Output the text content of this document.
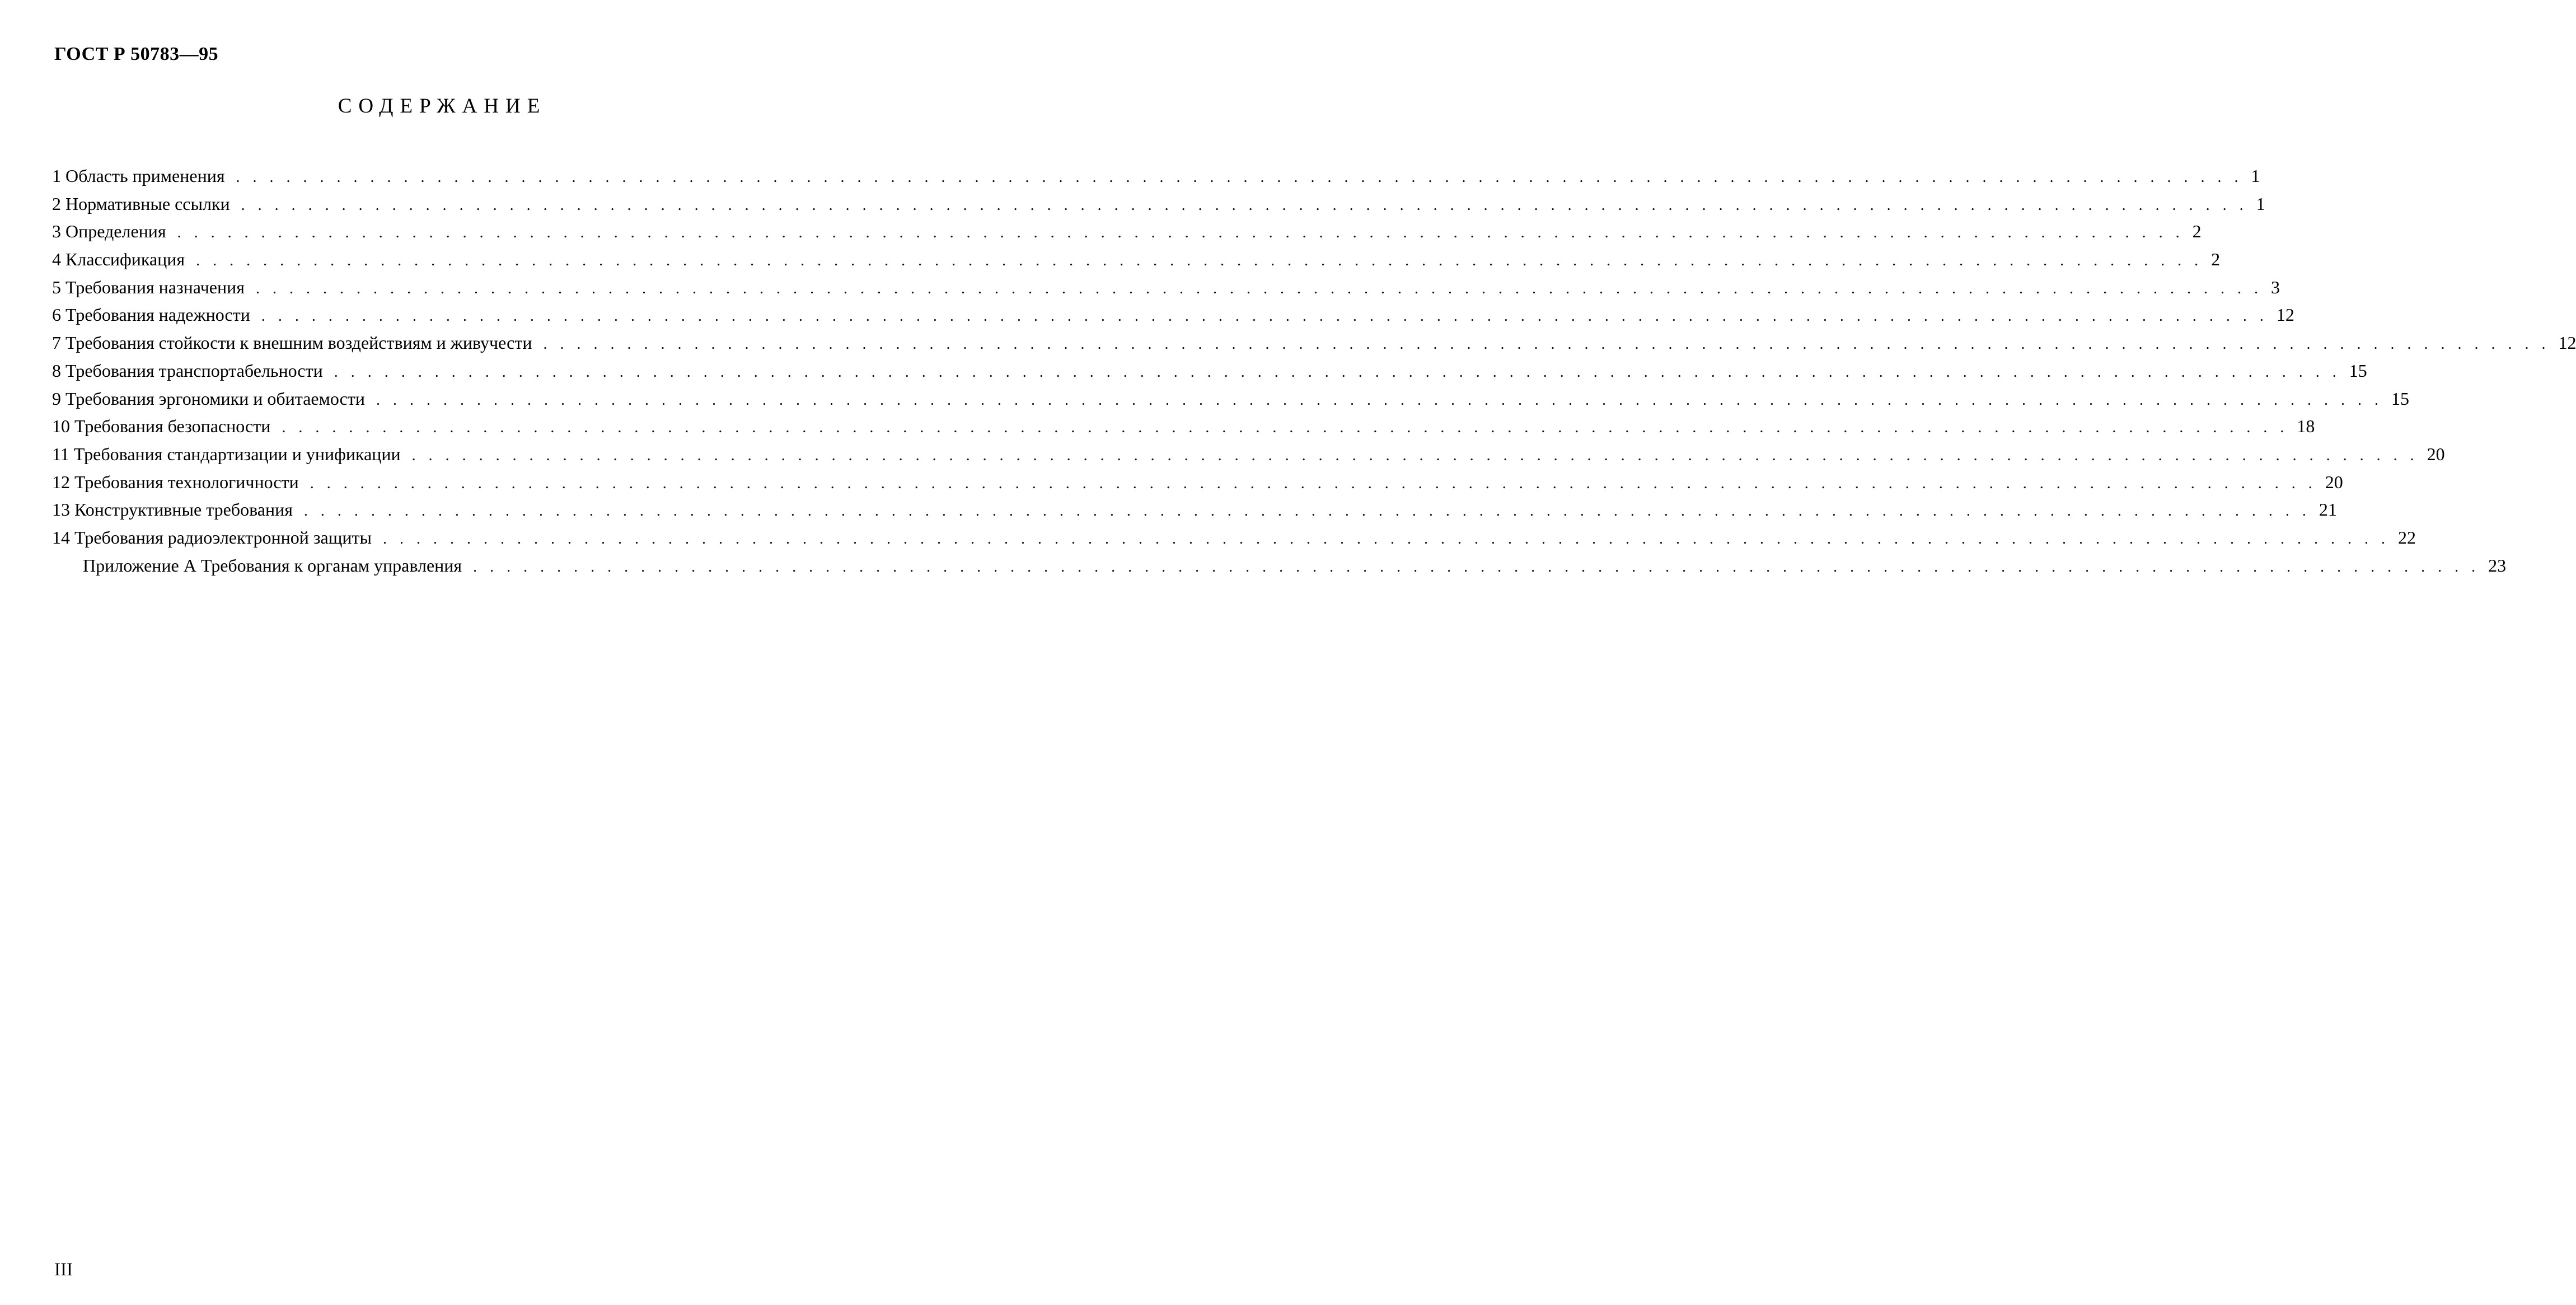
ГОСТ Р 50783—95
СОДЕРЖАНИЕ
1 Область применения ........................................................................................................................ 1
2 Нормативные ссылки ........................................................................................................................ 1
3 Определения ........................................................................................................................ 2
4 Классификация ........................................................................................................................ 2
5 Требования назначения ........................................................................................................................ 3
6 Требования надежности ........................................................................................................................ 12
7 Требования стойкости к внешним воздействиям и живучести ........................................................................................................................ 12
8 Требования транспортабельности ........................................................................................................................ 15
9 Требования эргономики и обитаемости ........................................................................................................................ 15
10 Требования безопасности ........................................................................................................................ 18
11 Требования стандартизации и унификации ........................................................................................................................ 20
12 Требования технологичности ........................................................................................................................ 20
13 Конструктивные требования ........................................................................................................................ 21
14 Требования радиоэлектронной защиты ........................................................................................................................ 22
Приложение А Требования к органам управления ........................................................................................................................ 23
III
